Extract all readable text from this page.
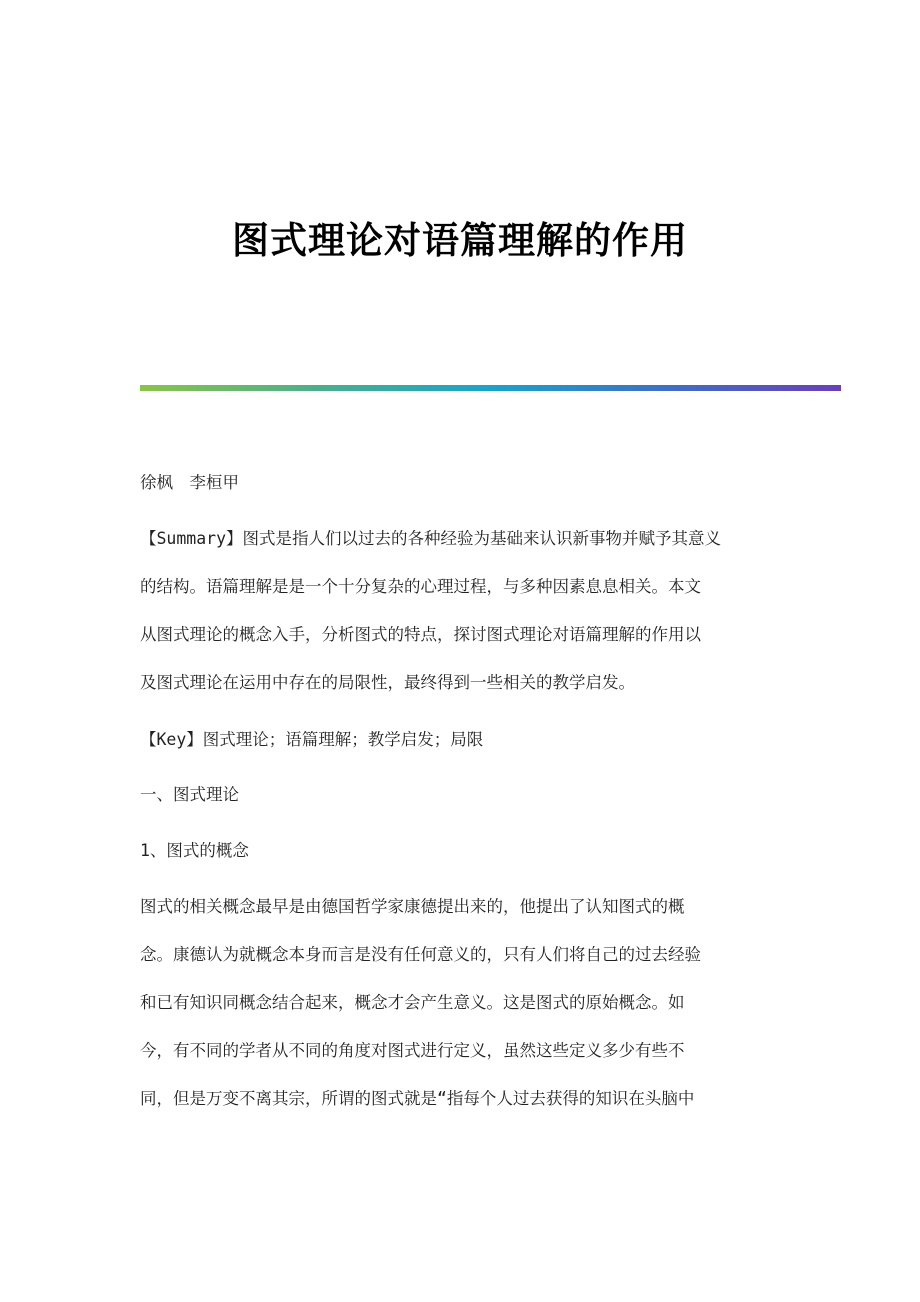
图式理论对语篇理解的作用
徐枫　李桓甲
【Summary】图式是指人们以过去的各种经验为基础来认识新事物并赋予其意义
的结构。语篇理解是是一个十分复杂的心理过程，与多种因素息息相关。本文
从图式理论的概念入手，分析图式的特点，探讨图式理论对语篇理解的作用以
及图式理论在运用中存在的局限性，最终得到一些相关的教学启发。
【Key】图式理论；语篇理解；教学启发；局限
一、图式理论
1、图式的概念
图式的相关概念最早是由德国哲学家康德提出来的，他提出了认知图式的概
念。康德认为就概念本身而言是没有任何意义的，只有人们将自己的过去经验
和已有知识同概念结合起来，概念才会产生意义。这是图式的原始概念。如
今，有不同的学者从不同的角度对图式进行定义，虽然这些定义多少有些不
同，但是万变不离其宗，所谓的图式就是“指每个人过去获得的知识在头脑中
